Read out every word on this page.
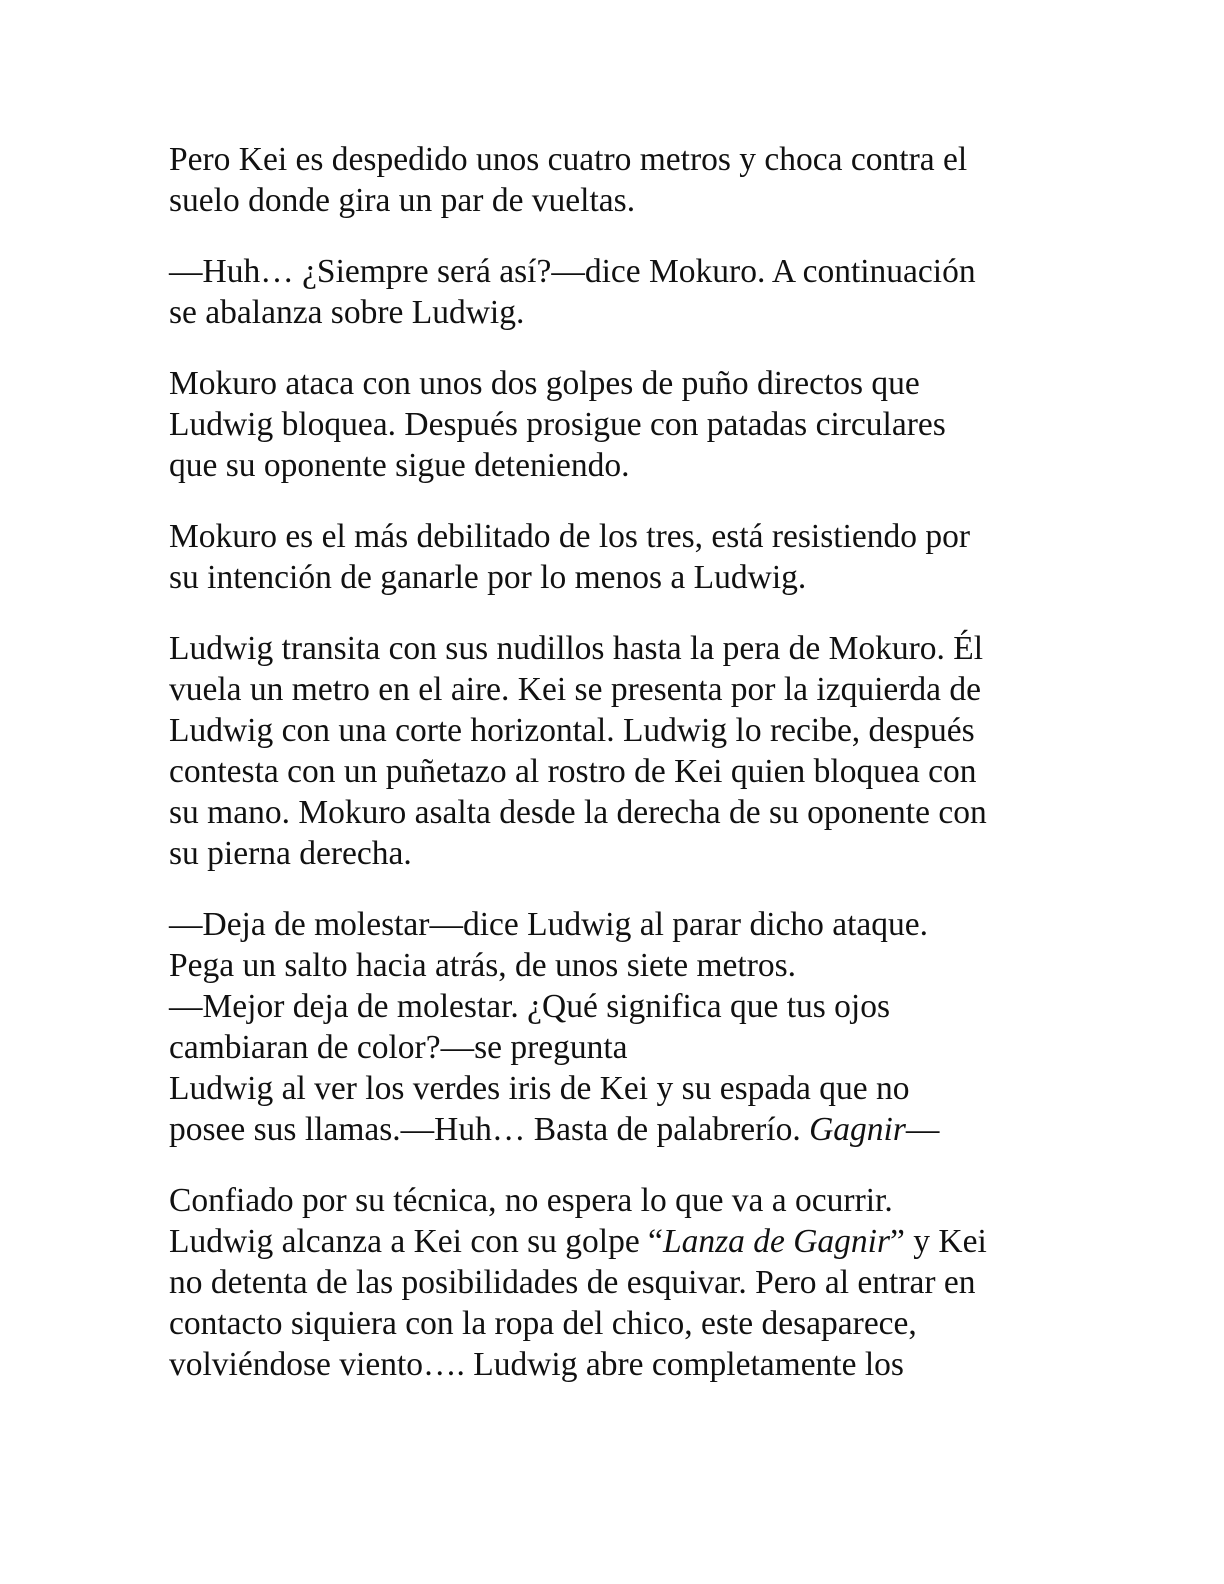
Pero Kei es despedido unos cuatro metros y choca contra el
suelo donde gira un par de vueltas.

—Huh… ¿Siempre será así?—dice Mokuro. A continuación
se abalanza sobre Ludwig.

Mokuro ataca con unos dos golpes de puño directos que
Ludwig bloquea. Después prosigue con patadas circulares
que su oponente sigue deteniendo.

Mokuro es el más debilitado de los tres, está resistiendo por
su intención de ganarle por lo menos a Ludwig.

Ludwig transita con sus nudillos hasta la pera de Mokuro. Él
vuela un metro en el aire. Kei se presenta por la izquierda de
Ludwig con una corte horizontal. Ludwig lo recibe, después
contesta con un puñetazo al rostro de Kei quien bloquea con
su mano. Mokuro asalta desde la derecha de su oponente con
su pierna derecha.

—Deja de molestar—dice Ludwig al parar dicho ataque.
Pega un salto hacia atrás, de unos siete metros.
—Mejor deja de molestar. ¿Qué significa que tus ojos
cambiaran de color?—se pregunta
Ludwig al ver los verdes iris de Kei y su espada que no
posee sus llamas.—Huh… Basta de palabrerío. Gagnir—

Confiado por su técnica, no espera lo que va a ocurrir.
Ludwig alcanza a Kei con su golpe “Lanza de Gagnir” y Kei
no detenta de las posibilidades de esquivar. Pero al entrar en
contacto siquiera con la ropa del chico, este desaparece,
volviéndose viento…. Ludwig abre completamente los
